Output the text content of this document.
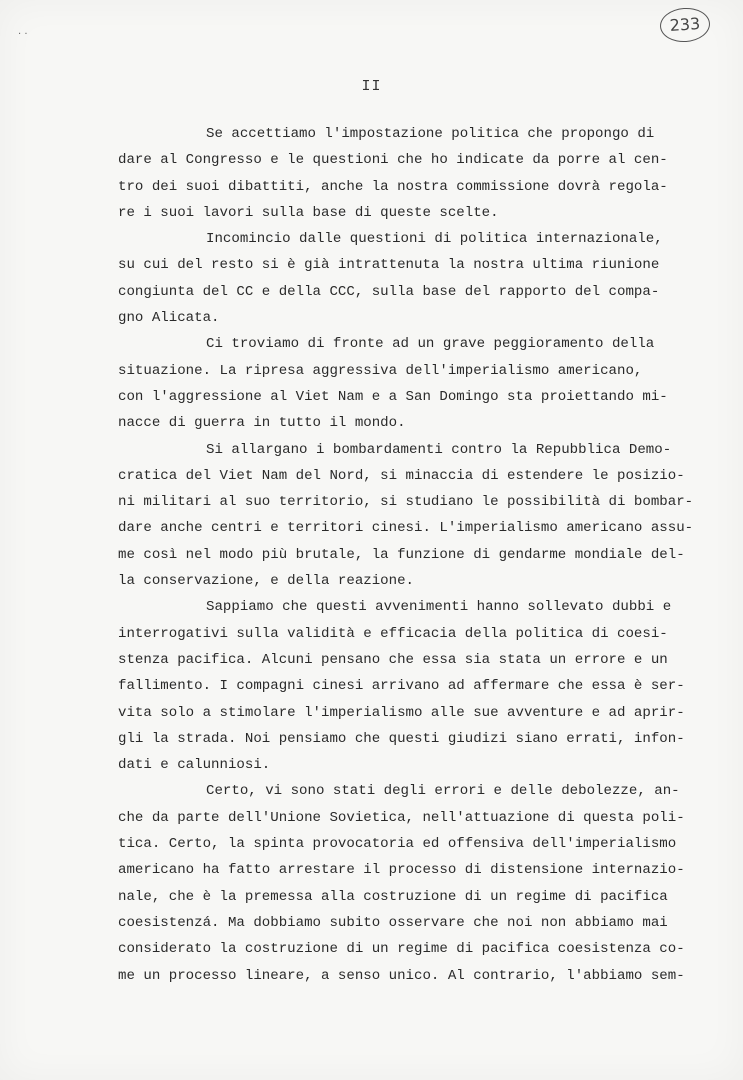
· ·	233
II
Se accettiamo l'impostazione politica che propongo di
dare al Congresso e le questioni che ho indicate da porre al cen-
tro dei suoi dibattiti, anche la nostra commissione dovrà regola-
re i suoi lavori sulla base di queste scelte.
Incomincio dalle questioni di politica internazionale,
su cui del resto si è già intrattenuta la nostra ultima riunione
congiunta del CC e della CCC, sulla base del rapporto del compa-
gno Alicata.
Ci troviamo di fronte ad un grave peggioramento della
situazione. La ripresa aggressiva dell'imperialismo americano,
con l'aggressione al Viet Nam e a San Domingo sta proiettando mi-
nacce di guerra in tutto il mondo.
Si allargano i bombardamenti contro la Repubblica Demo-
cratica del Viet Nam del Nord, si minaccia di estendere le posizio-
ni militari al suo territorio, si studiano le possibilità di bombar-
dare anche centri e territori cinesi. L'imperialismo americano assu-
me così nel modo più brutale, la funzione di gendarme mondiale del-
la conservazione, e della reazione.
Sappiamo che questi avvenimenti hanno sollevato dubbi e
interrogativi sulla validità e efficacia della politica di coesi-
stenza pacifica. Alcuni pensano che essa sia stata un errore e un
fallimento. I compagni cinesi arrivano ad affermare che essa è ser-
vita solo a stimolare l'imperialismo alle sue avventure e ad aprir-
gli la strada. Noi pensiamo che questi giudizi siano errati, infon-
dati e calunniosi.
Certo, vi sono stati degli errori e delle debolezze, an-
che da parte dell'Unione Sovietica, nell'attuazione di questa poli-
tica. Certo, la spinta provocatoria ed offensiva dell'imperialismo
americano ha fatto arrestare il processo di distensione internazio-
nale, che è la premessa alla costruzione di un regime di pacifica
coesistenzá. Ma dobbiamo subito osservare che noi non abbiamo mai
considerato la costruzione di un regime di pacifica coesistenza co-
me un processo lineare, a senso unico. Al contrario, l'abbiamo sem-
